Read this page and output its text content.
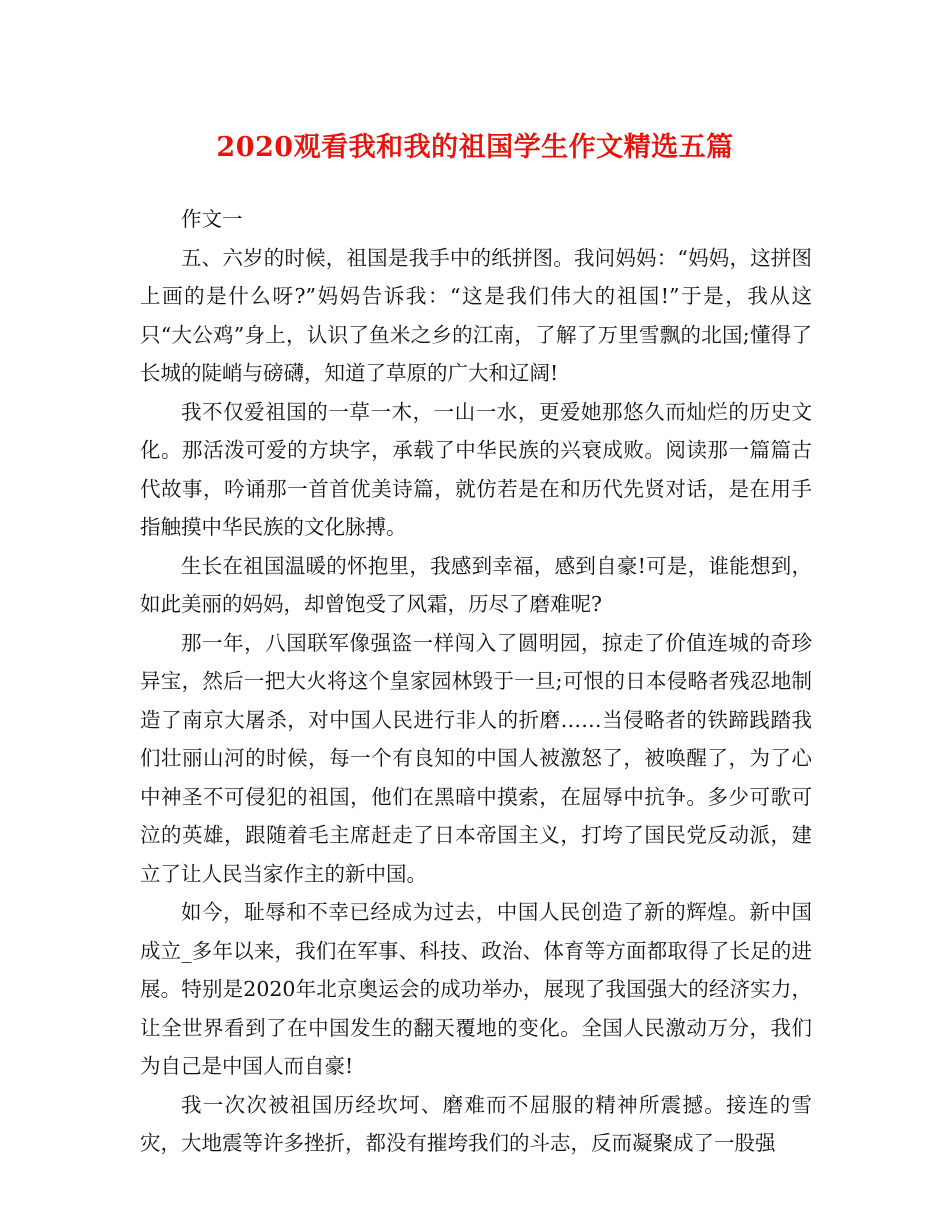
2020观看我和我的祖国学生作文精选五篇

作文一

五、六岁的时候，祖国是我手中的纸拼图。我问妈妈：“妈妈，这拼图上画的是什么呀?”妈妈告诉我：“这是我们伟大的祖国!”于是，我从这只“大公鸡”身上，认识了鱼米之乡的江南，了解了万里雪飘的北国;懂得了长城的陡峭与磅礴，知道了草原的广大和辽阔!

我不仅爱祖国的一草一木，一山一水，更爱她那悠久而灿烂的历史文化。那活泼可爱的方块字，承载了中华民族的兴衰成败。阅读那一篇篇古代故事，吟诵那一首首优美诗篇，就仿若是在和历代先贤对话，是在用手指触摸中华民族的文化脉搏。

生长在祖国温暖的怀抱里，我感到幸福，感到自豪!可是，谁能想到，如此美丽的妈妈，却曾饱受了风霜，历尽了磨难呢?

那一年，八国联军像强盗一样闯入了圆明园，掠走了价值连城的奇珍异宝，然后一把大火将这个皇家园林毁于一旦;可恨的日本侵略者残忍地制造了南京大屠杀，对中国人民进行非人的折磨……当侵略者的铁蹄践踏我们壮丽山河的时候，每一个有良知的中国人被激怒了，被唤醒了，为了心中神圣不可侵犯的祖国，他们在黑暗中摸索，在屈辱中抗争。多少可歌可泣的英雄，跟随着毛主席赶走了日本帝国主义，打垮了国民党反动派，建立了让人民当家作主的新中国。

如今，耻辱和不幸已经成为过去，中国人民创造了新的辉煌。新中国成立_多年以来，我们在军事、科技、政治、体育等方面都取得了长足的进展。特别是2020年北京奥运会的成功举办，展现了我国强大的经济实力，让全世界看到了在中国发生的翻天覆地的变化。全国人民激动万分，我们为自己是中国人而自豪!

我一次次被祖国历经坎坷、磨难而不屈服的精神所震撼。接连的雪灾，大地震等许多挫折，都没有摧垮我们的斗志，反而凝聚成了一股强
